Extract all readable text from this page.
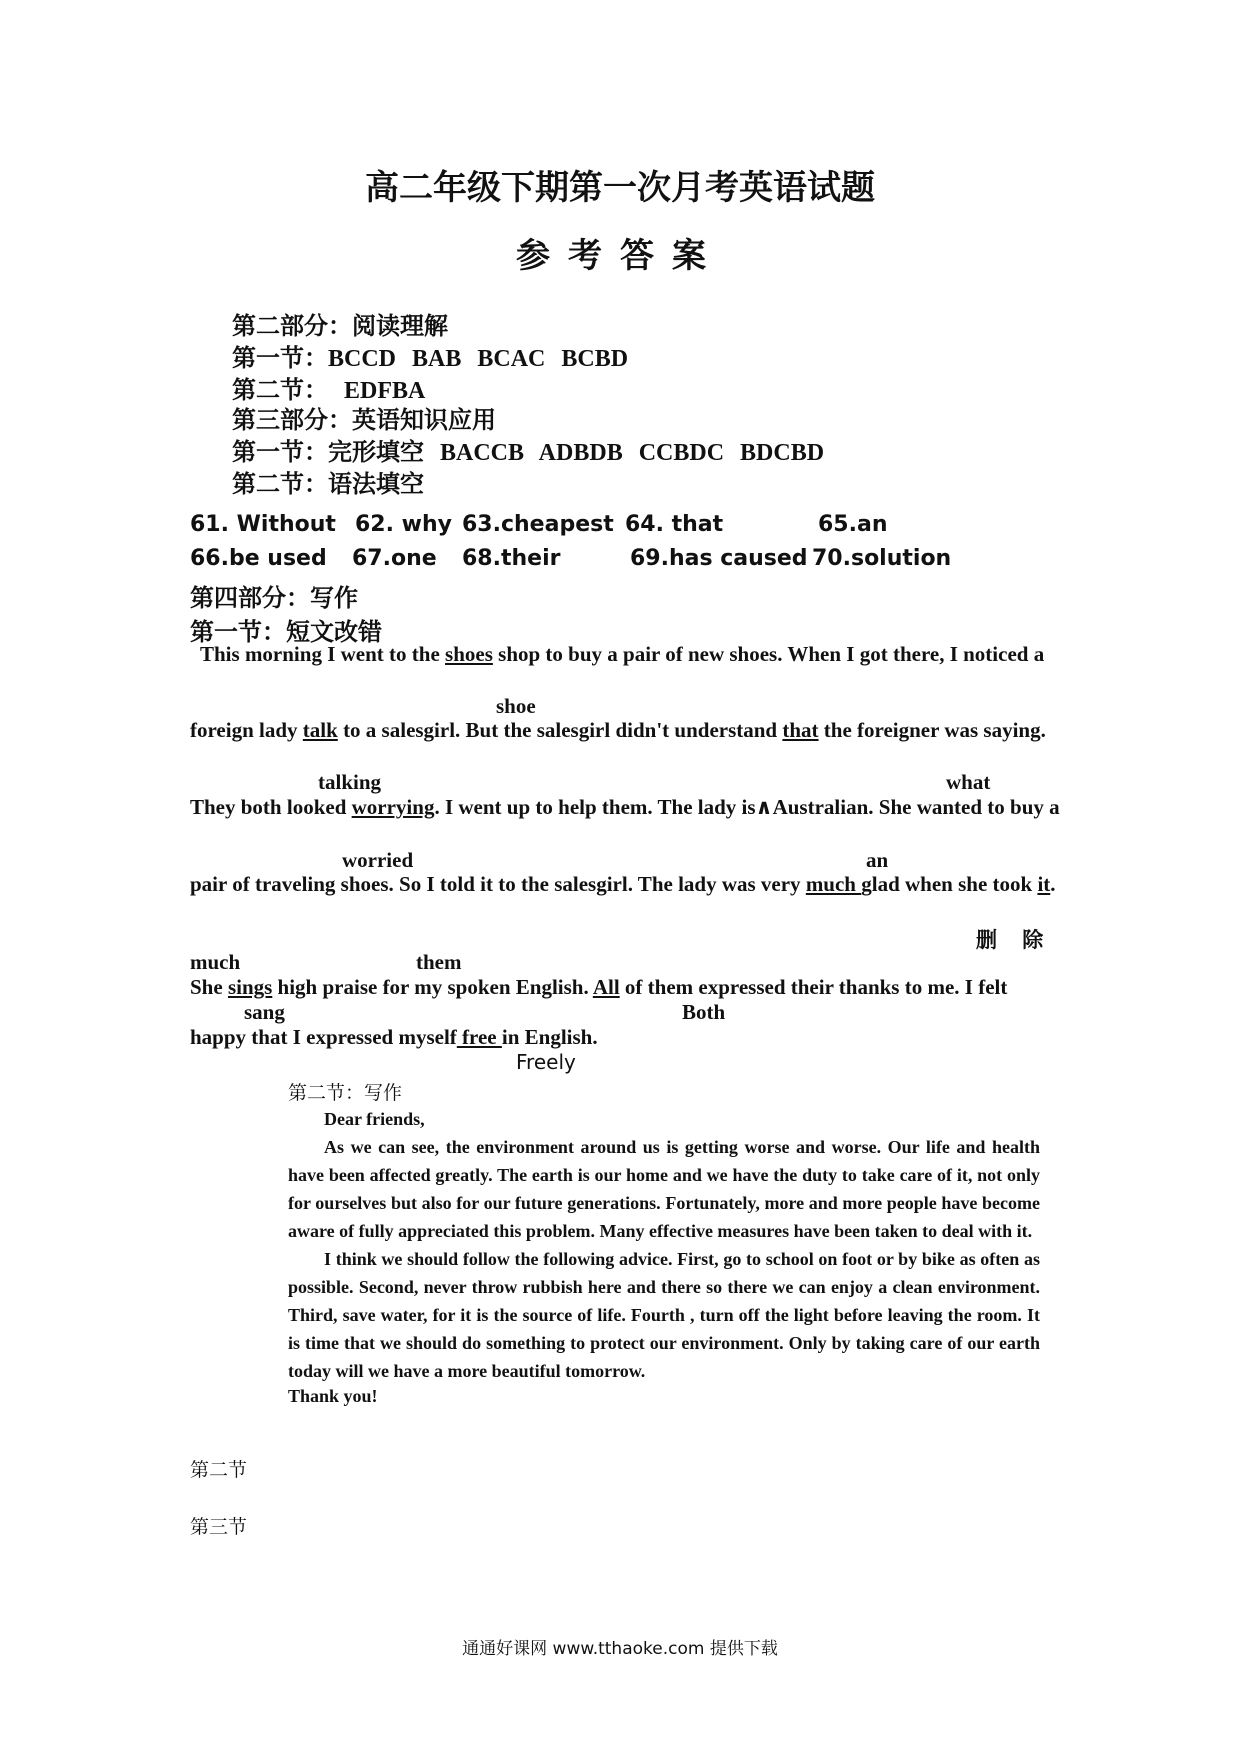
高二年级下期第一次月考英语试题
参考答案
第二部分：阅读理解
第一节：BCCD BAB BCAC BCBD
第二节： EDFBA
第三部分：英语知识应用
第一节：完形填空 BACCB ADBDB CCBDC BDCBD
第二节：语法填空
61. Without 62. why 63.cheapest 64. that	65.an
66.be used 67.one 68.their	69.has caused 70.solution
第四部分：写作
第一节：短文改错
This morning I went to the shoes shop to buy a pair of new shoes. When I got there, I noticed a
shoe
foreign lady talk to a salesgirl. But the salesgirl didn't understand that the foreigner was saying.
talking	what
They both looked worrying. I went up to help them. The lady is∧Australian. She wanted to buy a
worried	an
pair of traveling shoes. So I told it to the salesgirl. The lady was very much glad when she took it.
删 除
much	them
She sings high praise for my spoken English. All of them expressed their thanks to me. I felt
sang	Both
happy that I expressed myself free in English.
Freely
第二节：写作

Dear friends,

As we can see, the environment around us is getting worse and worse. Our life and health have been affected greatly. The earth is our home and we have the duty to take care of it, not only for ourselves but also for our future generations. Fortunately, more and more people have become aware of fully appreciated this problem. Many effective measures have been taken to deal with it.

I think we should follow the following advice. First, go to school on foot or by bike as often as possible. Second, never throw rubbish here and there so there we can enjoy a clean environment. Third, save water, for it is the source of life. Fourth , turn off the light before leaving the room. It is time that we should do something to protect our environment. Only by taking care of our earth today will we have a more beautiful tomorrow.

Thank you!

第二节
第三节
通通好课网 www.tthaoke.com 提供下载
